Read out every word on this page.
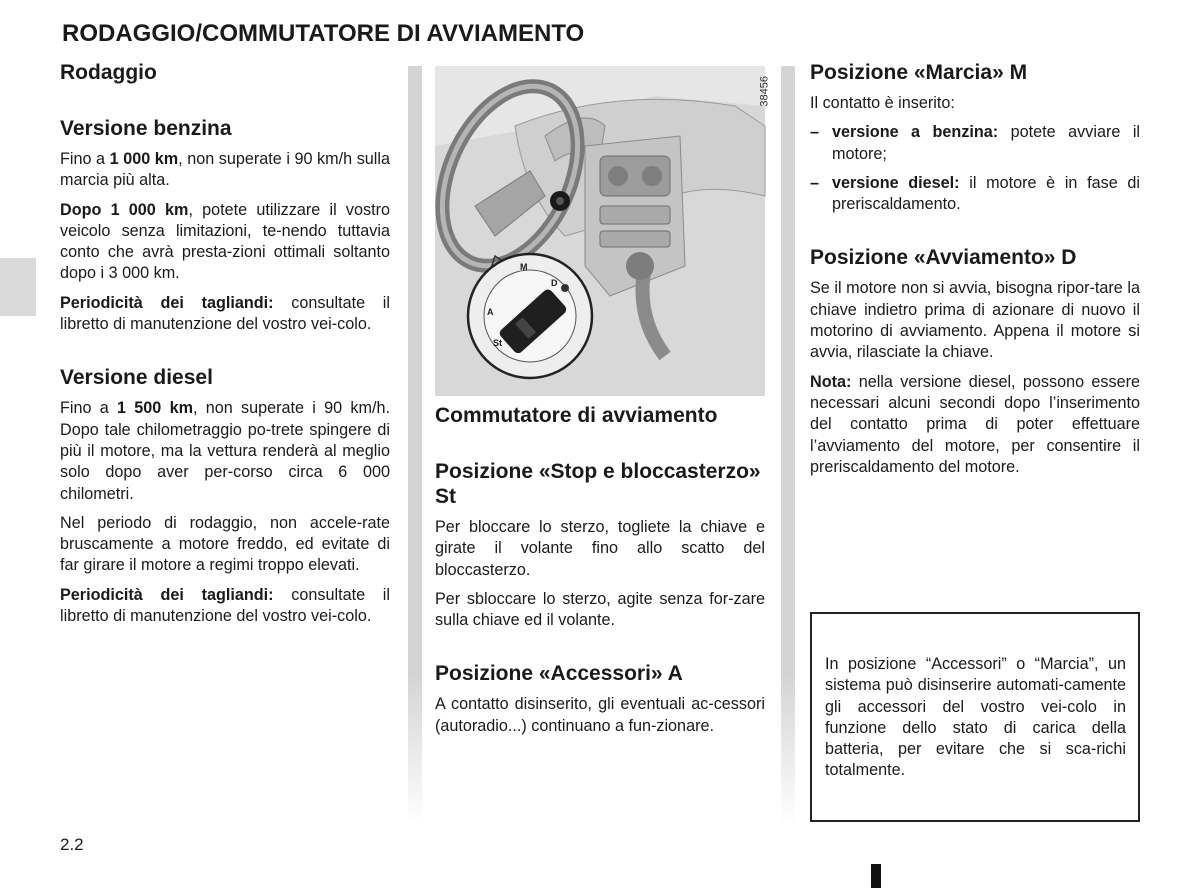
RODAGGIO/COMMUTATORE DI AVVIAMENTO
Rodaggio
Versione benzina

Fino a 1 000 km, non superate i 90 km/h sulla marcia più alta.

Dopo 1 000 km, potete utilizzare il vostro veicolo senza limitazioni, te-nendo tuttavia conto che avrà presta-zioni ottimali soltanto dopo i 3 000 km.

Periodicità dei tagliandi: consultate il libretto di manutenzione del vostro vei-colo.

Versione diesel

Fino a 1 500 km, non superate i 90 km/h. Dopo tale chilometraggio po-trete spingere di più il motore, ma la vettura renderà al meglio solo dopo aver per-corso circa 6 000 chilometri.

Nel periodo di rodaggio, non accele-rate bruscamente a motore freddo, ed evitate di far girare il motore a regimi troppo elevati.

Periodicità dei tagliandi: consultate il libretto di manutenzione del vostro vei-colo.

M
D
A
St
38456
Commutatore di avviamento
Posizione «Stop e bloccasterzo» St

Per bloccare lo sterzo, togliete la chiave e girate il volante fino allo scatto del bloccasterzo.

Per sbloccare lo sterzo, agite senza for-zare sulla chiave ed il volante.

Posizione «Accessori» A

A contatto disinserito, gli eventuali ac-cessori (autoradio...) continuano a fun-zionare.

Posizione «Marcia» M

Il contatto è inserito:

– versione a benzina: potete avviare il motore;
– versione diesel: il motore è in fase di preriscaldamento.
Posizione «Avviamento» D

Se il motore non si avvia, bisogna ripor-tare la chiave indietro prima di azionare di nuovo il motorino di avviamento. Appena il motore si avvia, rilasciate la chiave.

Nota: nella versione diesel, possono essere necessari alcuni secondi dopo l’inserimento del contatto prima di poter effettuare l’avviamento del motore, per consentire il preriscaldamento del motore.

In posizione “Accessori” o “Marcia”, un sistema può disinserire automati-camente gli accessori del vostro vei-colo in funzione dello stato di carica della batteria, per evitare che si sca-richi totalmente.

2.2
